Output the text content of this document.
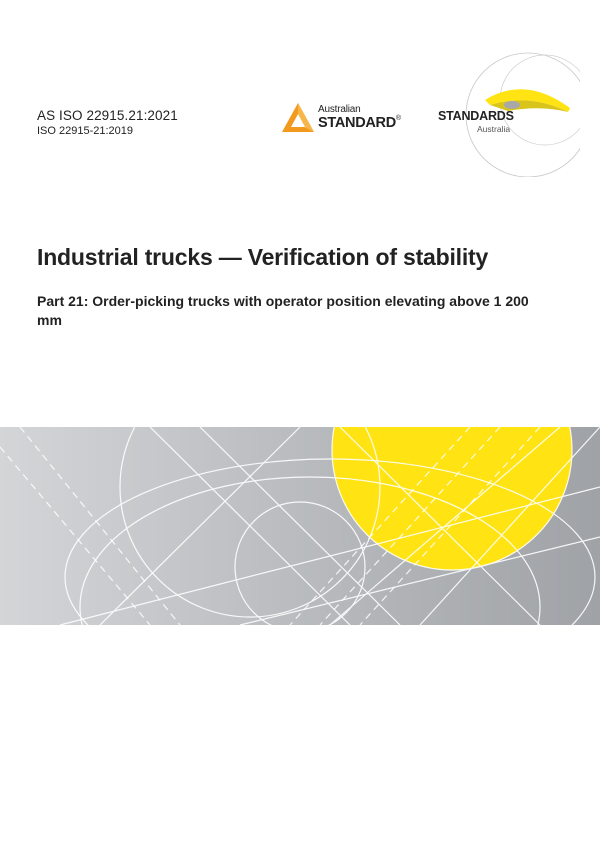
AS ISO 22915.21:2021
ISO 22915-21:2019
Australian
STANDARD®	STANDARDS
Australia
Industrial trucks — Verification of stability
Part 21: Order-picking trucks with operator position elevating above 1 200 mm
